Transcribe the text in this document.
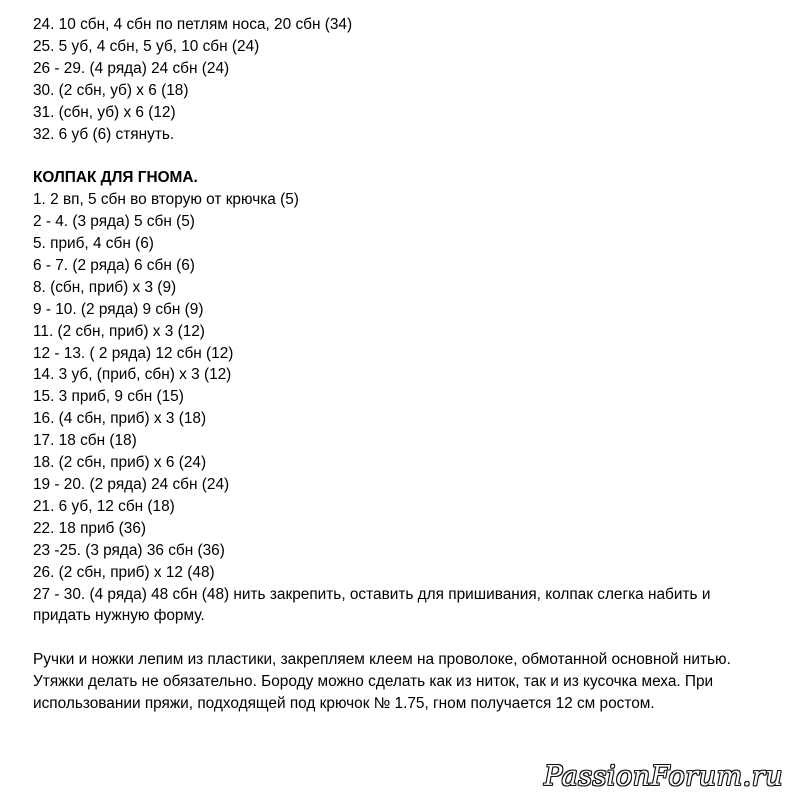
24. 10 сбн, 4 сбн по петлям носа, 20 сбн (34)
25. 5 уб, 4 сбн, 5 уб, 10 сбн (24)
26 - 29. (4 ряда) 24 сбн (24)
30. (2 сбн, уб) x 6 (18)
31. (сбн, уб) x 6 (12)
32. 6 уб (6) стянуть.
КОЛПАК ДЛЯ ГНОМА.
1. 2 вп, 5 сбн во вторую от крючка (5)
2 - 4. (3 ряда) 5 сбн (5)
5. приб, 4 сбн (6)
6 - 7. (2 ряда) 6 сбн (6)
8. (сбн, приб) x 3 (9)
9 - 10. (2 ряда) 9 сбн (9)
11. (2 сбн, приб) x 3 (12)
12 - 13. ( 2 ряда) 12 сбн (12)
14. 3 уб, (приб, сбн) x 3 (12)
15. 3 приб, 9 сбн (15)
16. (4 сбн, приб) x 3 (18)
17. 18 сбн (18)
18. (2 сбн, приб) x 6 (24)
19 - 20. (2 ряда) 24 сбн (24)
21. 6 уб, 12 сбн (18)
22. 18 приб (36)
23 -25. (3 ряда) 36 сбн (36)
26. (2 сбн, приб) x 12 (48)
27 - 30. (4 ряда) 48 сбн (48) нить закрепить, оставить для пришивания, колпак слегка набить и
придать нужную форму.
Ручки и ножки лепим из пластики, закрепляем клеем на проволоке, обмотанной основной нитью.
Утяжки делать не обязательно. Бороду можно сделать как из ниток, так и из кусочка меха. При
использовании пряжи, подходящей под крючок № 1.75, гном получается 12 см ростом.
PassionForum.ru
